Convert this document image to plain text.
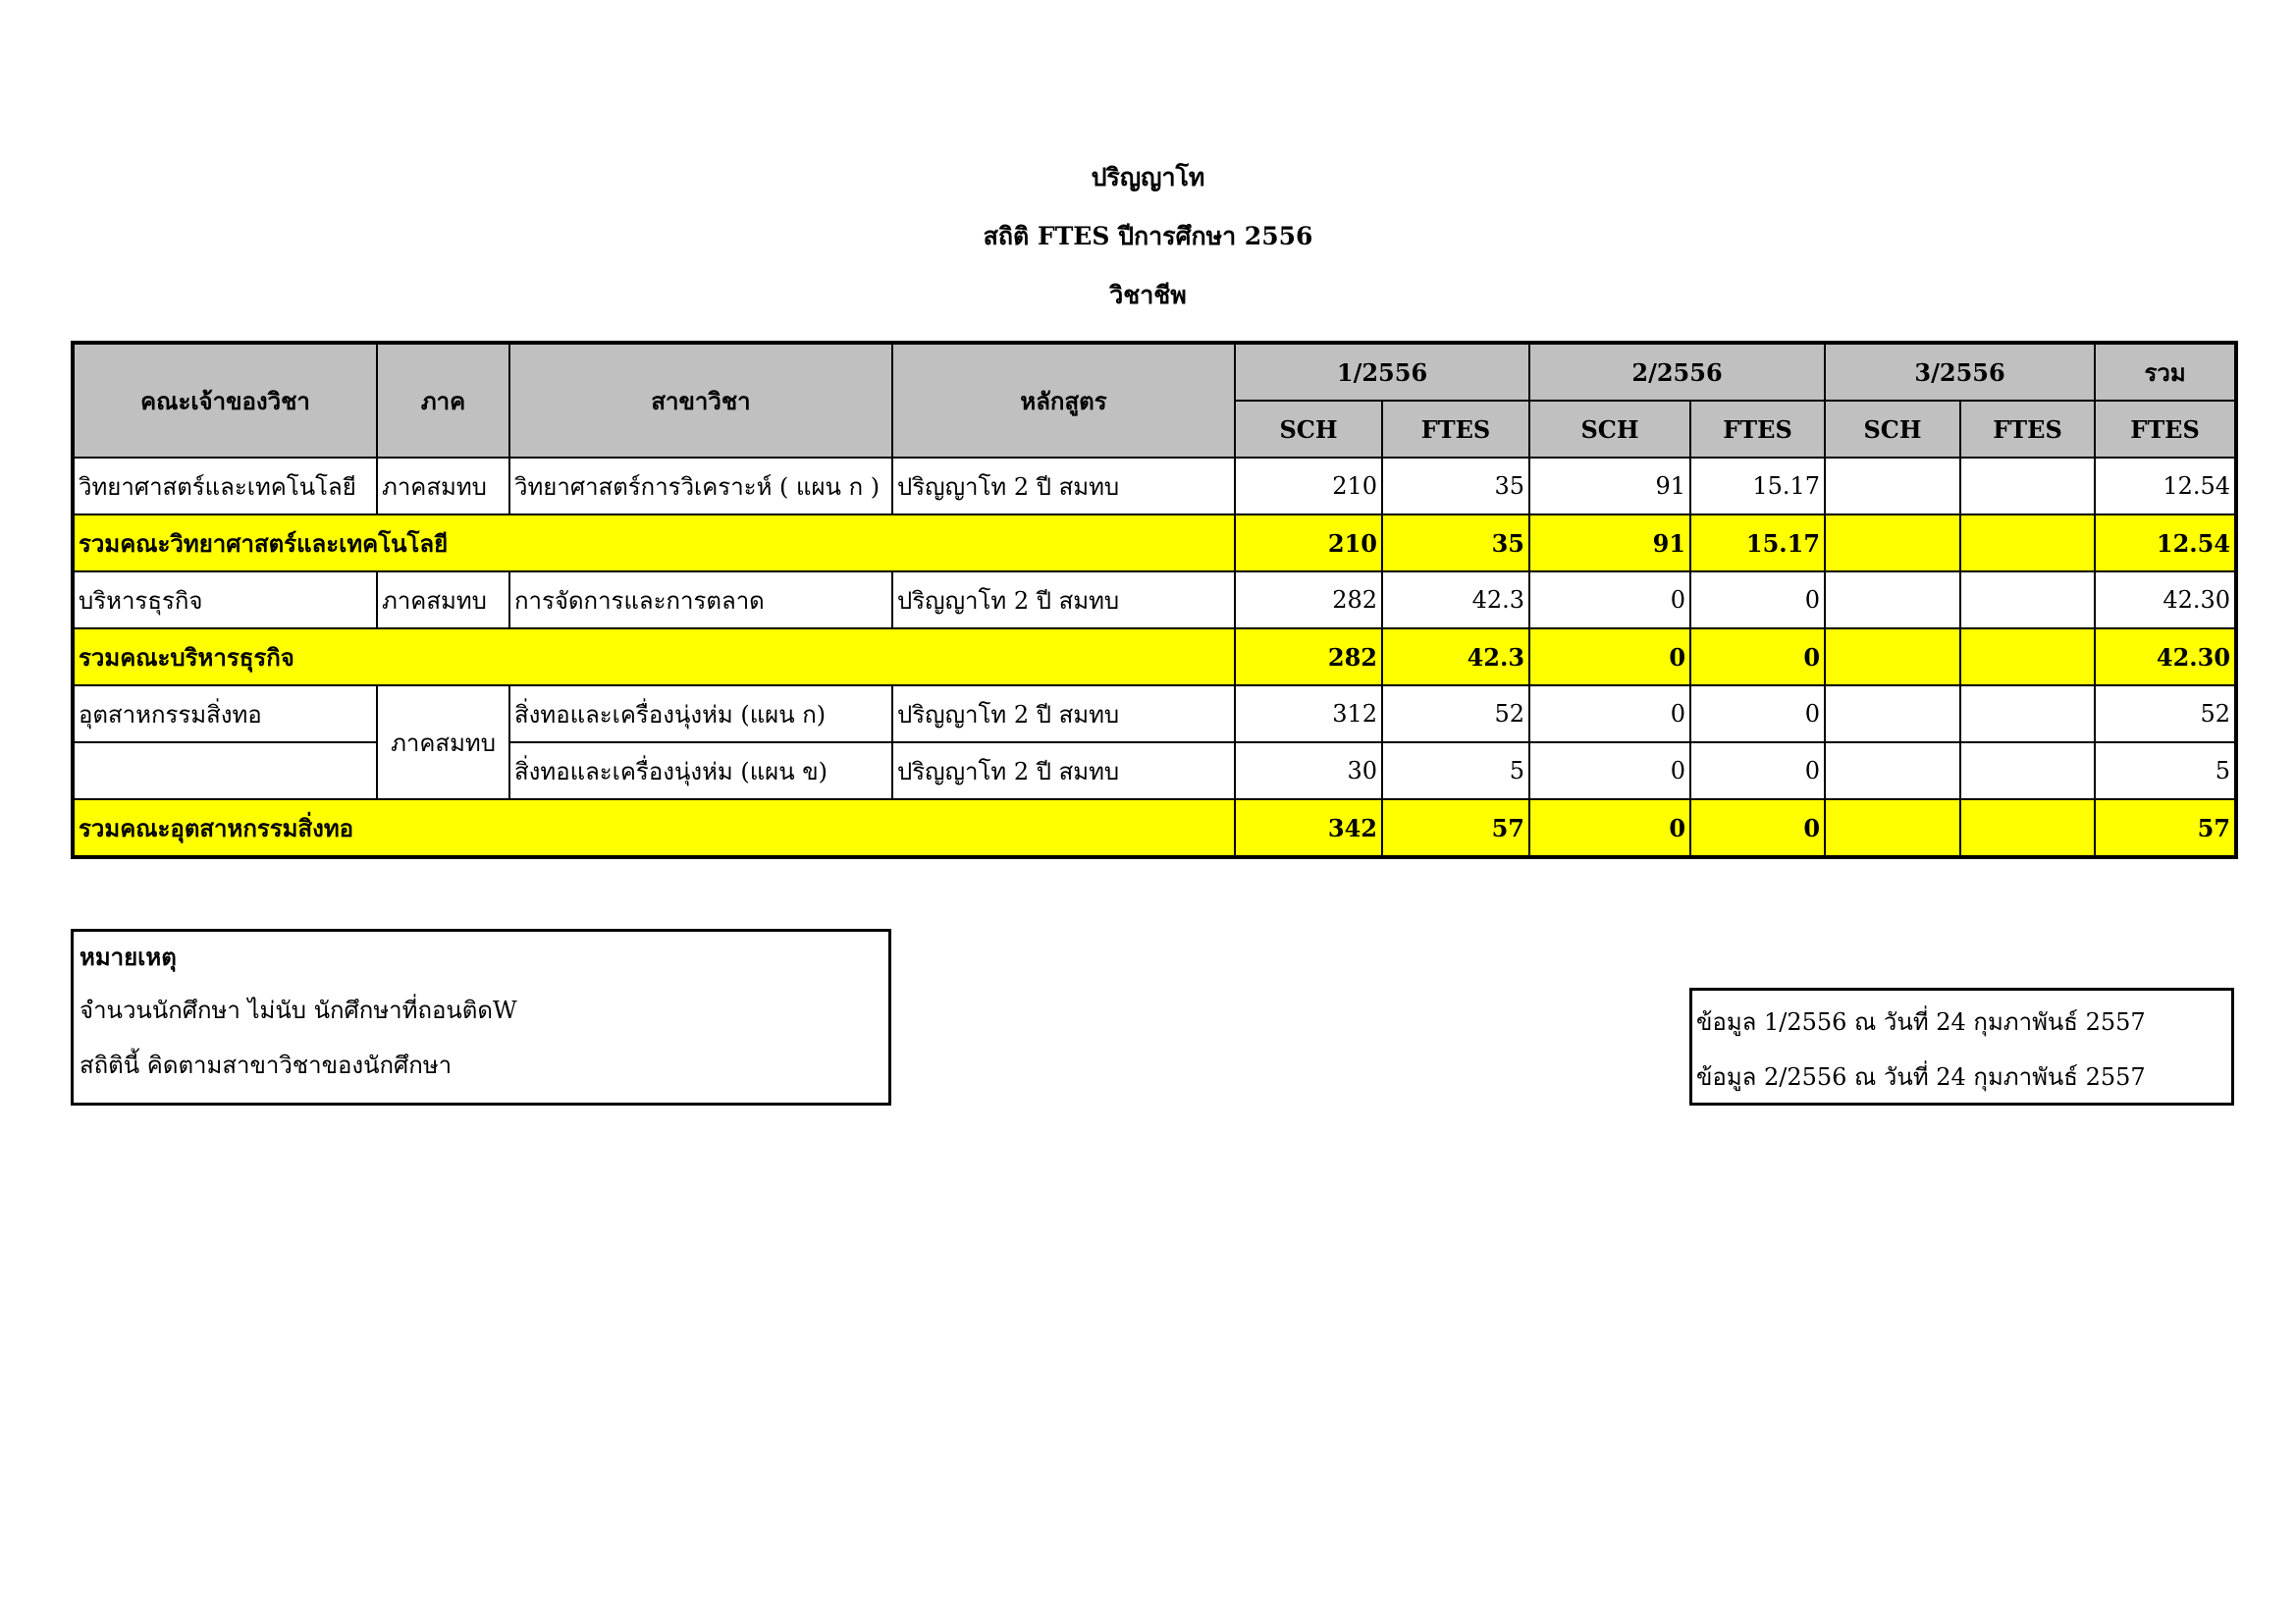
ปริญญาโท
สถิติ FTES ปีการศึกษา 2556
วิชาชีพ
คณะเจ้าของวิชา	ภาค	สาขาวิชา	หลักสูตร	1/2556		2/2556		3/2556		รวม
				SCH	FTES	SCH	FTES	SCH	FTES	FTES
วิทยาศาสตร์และเทคโนโลยี	ภาคสมทบ	วิทยาศาสตร์การวิเคราะห์ ( แผน ก )	ปริญญาโท 2 ปี สมทบ	210	35	91	15.17			12.54
รวมคณะวิทยาศาสตร์และเทคโนโลยี				210	35	91	15.17			12.54
บริหารธุรกิจ	ภาคสมทบ	การจัดการและการตลาด	ปริญญาโท 2 ปี สมทบ	282	42.3	0	0			42.30
รวมคณะบริหารธุรกิจ				282	42.3	0	0			42.30
อุตสาหกรรมสิ่งทอ	ภาคสมทบ	สิ่งทอและเครื่องนุ่งห่ม (แผน ก)	ปริญญาโท 2 ปี สมทบ	312	52	0	0			52
		สิ่งทอและเครื่องนุ่งห่ม (แผน ข)	ปริญญาโท 2 ปี สมทบ	30	5	0	0			5
รวมคณะอุตสาหกรรมสิ่งทอ				342	57	0	0			57
หมายเหตุ
จำนวนนักศึกษา ไม่นับ นักศึกษาที่ถอนติดW
สถิตินี้ คิดตามสาขาวิชาของนักศึกษา
ข้อมูล 1/2556 ณ วันที่ 24 กุมภาพันธ์ 2557
ข้อมูล 2/2556 ณ วันที่ 24 กุมภาพันธ์ 2557
